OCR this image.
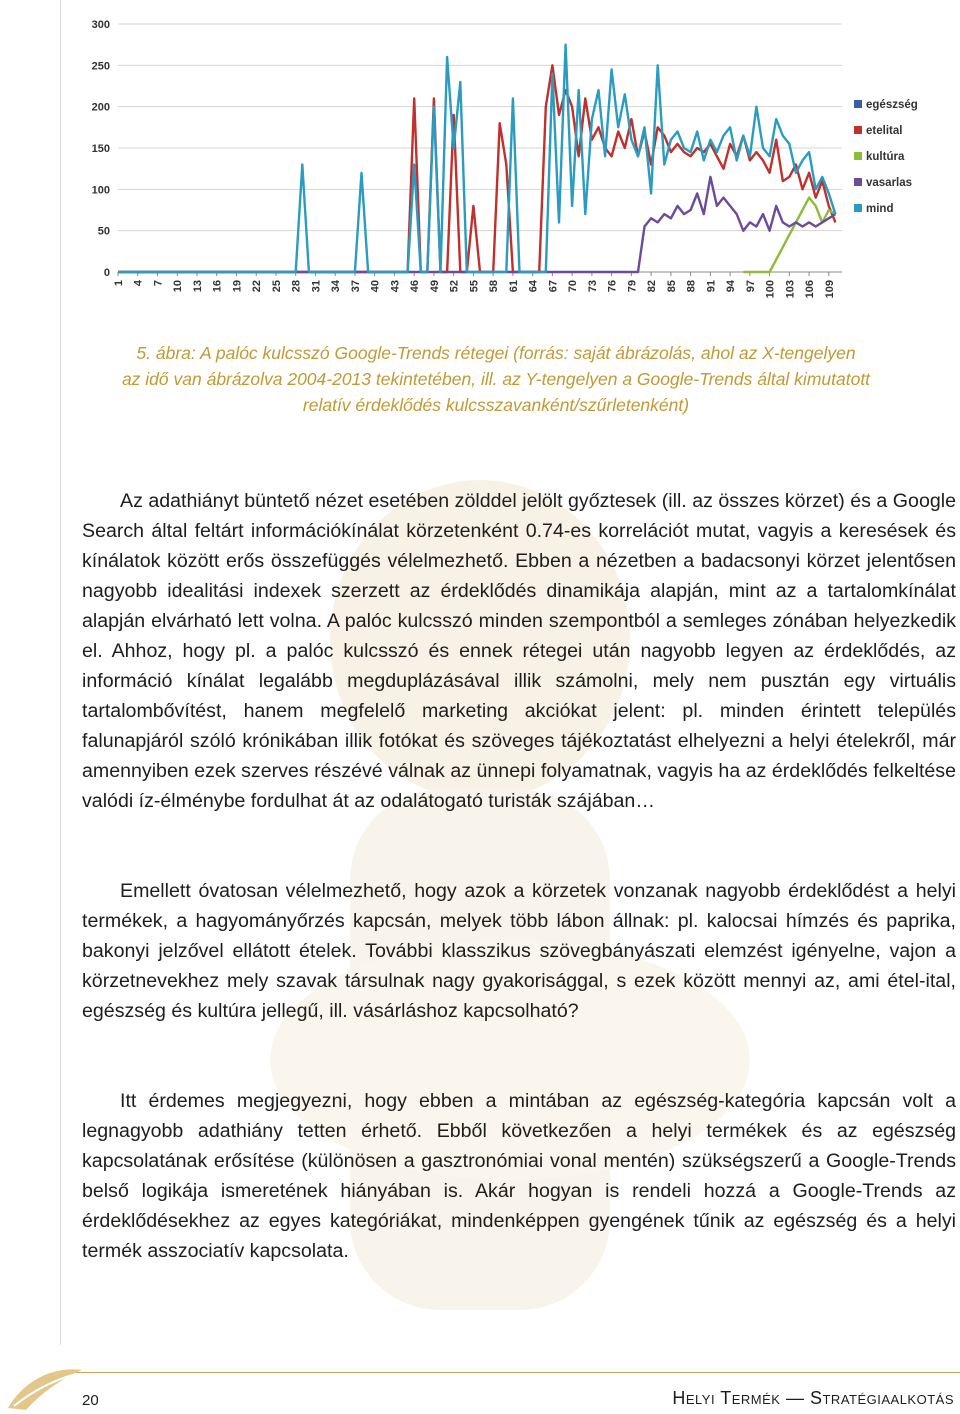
0
50
100
150
200
250
300
1 4 7 10 13 16 19 22 25 28 31 34 37 40 43 46 49 52 55 58 61 64 67 70 73 76 79 82 85 88 91 94 97 100 103 106 109
egészség
etelital
kultúra
vasarlas
mind
5. ábra: A palóc kulcsszó Google-Trends rétegei (forrás: saját ábrázolás, ahol az X-tengelyen
az idő van ábrázolva 2004-2013 tekintetében, ill. az Y-tengelyen a Google-Trends által kimutatott
relatív érdeklődés kulcsszavanként/szűrletenként)

Az adathiányt büntető nézet esetében zölddel jelölt győztesek (ill. az összes körzet) és a Google Search által feltárt információkínálat körzetenként 0.74-es korrelációt mutat, vagyis a keresések és kínálatok között erős összefüggés vélelmezhető. Ebben a nézetben a badacsonyi körzet jelentősen nagyobb idealitási indexek szerzett az érdeklődés dinamikája alapján, mint az a tartalomkínálat alapján elvárható lett volna. A palóc kulcsszó minden szempontból a semleges zónában helyezkedik el. Ahhoz, hogy pl. a palóc kulcsszó és ennek rétegei után nagyobb legyen az érdeklődés, az információ kínálat legalább megduplázásával illik számolni, mely nem pusztán egy virtuális tartalombővítést, hanem megfelelő marketing akciókat jelent: pl. minden érintett település falunapjáról szóló krónikában illik fotókat és szöveges tájékoztatást elhelyezni a helyi ételekről, már amennyiben ezek szerves részévé válnak az ünnepi folyamatnak, vagyis ha az érdeklődés felkeltése valódi íz-élménybe fordulhat át az odalátogató turisták szájában…

Emellett óvatosan vélelmezhető, hogy azok a körzetek vonzanak nagyobb érdeklődést a helyi termékek, a hagyományőrzés kapcsán, melyek több lábon állnak: pl. kalocsai hímzés és paprika, bakonyi jelzővel ellátott ételek. További klasszikus szövegbányászati elemzést igényelne, vajon a körzetnevekhez mely szavak társulnak nagy gyakorisággal, s ezek között mennyi az, ami étel-ital, egészség és kultúra jellegű, ill. vásárláshoz kapcsolható?

Itt érdemes megjegyezni, hogy ebben a mintában az egészség-kategória kapcsán volt a legnagyobb adathiány tetten érhető. Ebből következően a helyi termékek és az egészség kapcsolatának erősítése (különösen a gasztronómiai vonal mentén) szükségszerű a Google-Trends belső logikája ismeretének hiányában is. Akár hogyan is rendeli hozzá a Google-Trends az érdeklődésekhez az egyes kategóriákat, mindenképpen gyengének tűnik az egészség és a helyi termék asszociatív kapcsolata.

20	Helyi Termék — Stratégiaalkotás
